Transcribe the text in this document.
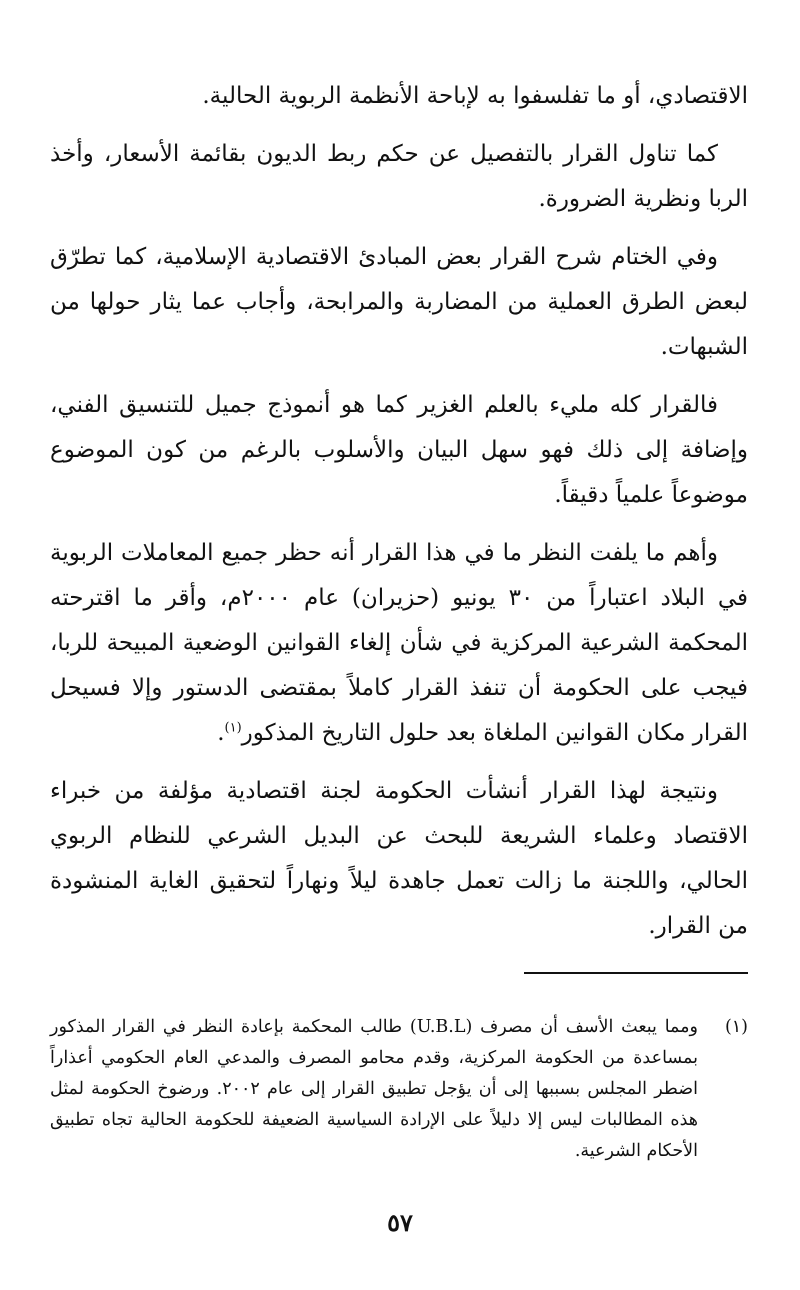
الاقتصادي، أو ما تفلسفوا به لإباحة الأنظمة الربوية الحالية.

كما تناول القرار بالتفصيل عن حكم ربط الديون بقائمة الأسعار، وأخذ الربا ونظرية الضرورة.

وفي الختام شرح القرار بعض المبادئ الاقتصادية الإسلامية، كما تطرّق لبعض الطرق العملية من المضاربة والمرابحة، وأجاب عما يثار حولها من الشبهات.

فالقرار كله مليء بالعلم الغزير كما هو أنموذج جميل للتنسيق الفني، وإضافة إلى ذلك فهو سهل البيان والأسلوب بالرغم من كون الموضوع موضوعاً علمياً دقيقاً.

وأهم ما يلفت النظر ما في هذا القرار أنه حظر جميع المعاملات الربوية في البلاد اعتباراً من ٣٠ يونيو (حزيران) عام ٢٠٠٠م، وأقر ما اقترحته المحكمة الشرعية المركزية في شأن إلغاء القوانين الوضعية المبيحة للربا، فيجب على الحكومة أن تنفذ القرار كاملاً بمقتضى الدستور وإلا فسيحل القرار مكان القوانين الملغاة بعد حلول التاريخ المذكور$^{(١)}$.

ونتيجة لهذا القرار أنشأت الحكومة لجنة اقتصادية مؤلفة من خبراء الاقتصاد وعلماء الشريعة للبحث عن البديل الشرعي للنظام الربوي الحالي، واللجنة ما زالت تعمل جاهدة ليلاً ونهاراً لتحقيق الغاية المنشودة من القرار.

(١)
ومما يبعث الأسف أن مصرف (U.B.L) طالب المحكمة بإعادة النظر في القرار المذكور بمساعدة من الحكومة المركزية، وقدم محامو المصرف والمدعي العام الحكومي أعذاراً اضطر المجلس بسببها إلى أن يؤجل تطبيق القرار إلى عام ٢٠٠٢. ورضوخ الحكومة لمثل هذه المطالبات ليس إلا دليلاً على الإرادة السياسية الضعيفة للحكومة الحالية تجاه تطبيق الأحكام الشرعية.
٥٧
